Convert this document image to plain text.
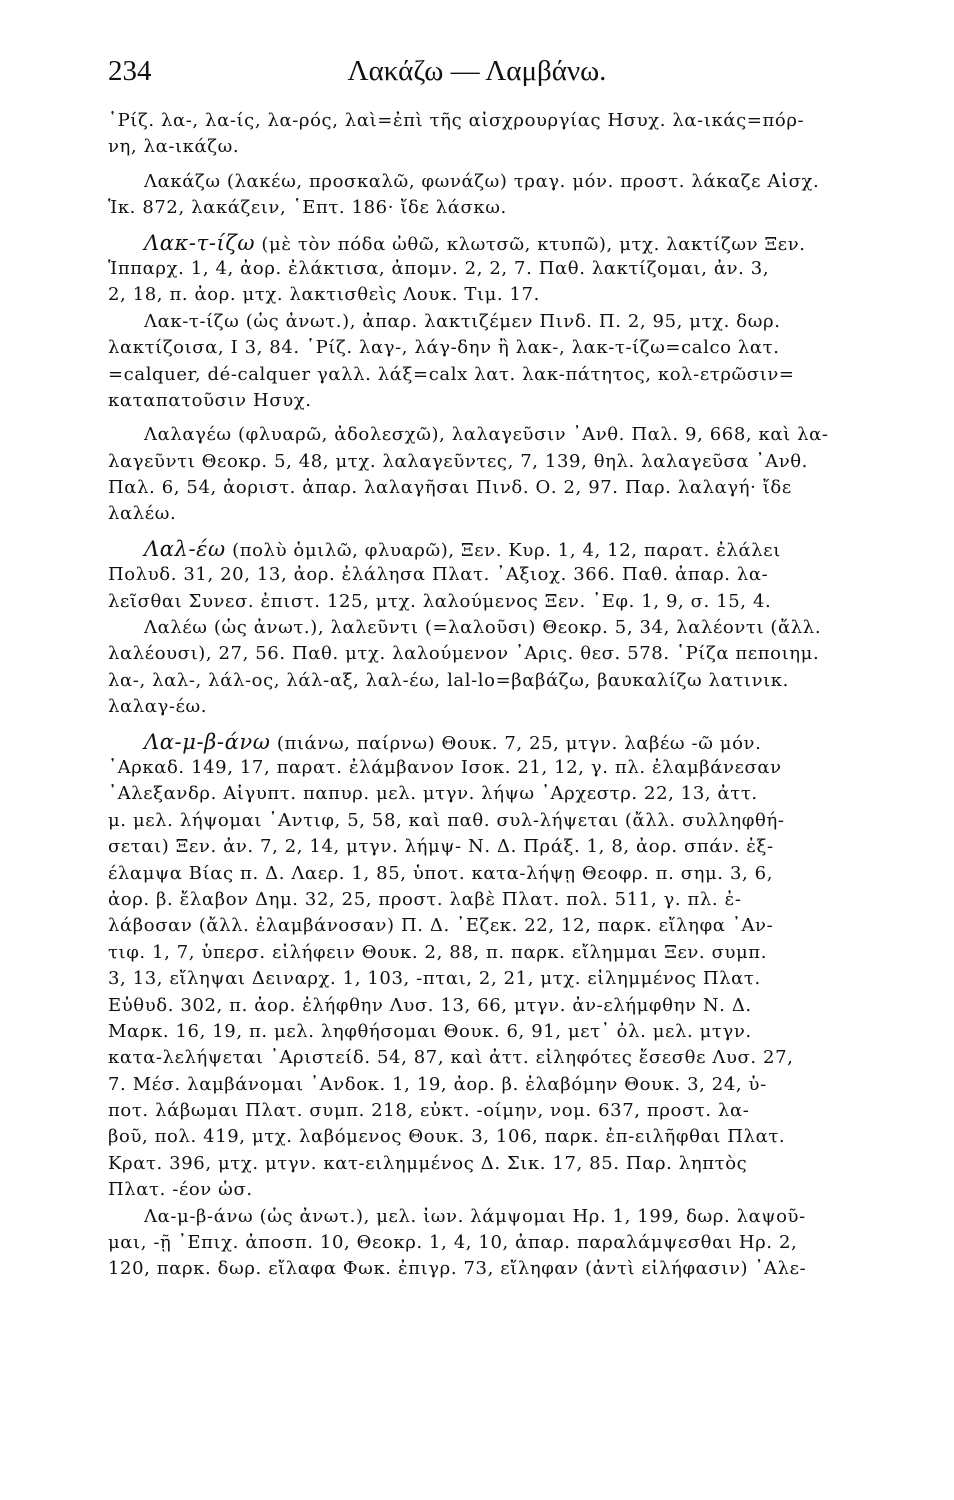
234	Λακάζω — Λαμβάνω.
῾Ρίζ. λα-, λα-ίς, λα-ρός, λαὶ=ἐπὶ τῆς αἰσχρουργίας Ησυχ. λα-ικάς=πόρ-
νη, λα-ικάζω.
Λακάζω (λακέω, προσκαλῶ, φωνάζω) τραγ. μόν. προστ. λάκαζε Αἰσχ.
Ἱκ. 872, λακάζειν, ῾Επτ. 186· ἴδε λάσκω.
Λακ-τ-ίζω (μὲ τὸν πόδα ὠθῶ, κλωτσῶ, κτυπῶ), μτχ. λακτίζων Ξεν.
Ἱππαρχ. 1, 4, ἀορ. ἐλάκτισα, ἀπομν. 2, 2, 7. Παθ. λακτίζομαι, ἀν. 3,
2, 18, π. ἀορ. μτχ. λακτισθεὶς Λουκ. Τιμ. 17.
Λακ-τ-ίζω (ὡς ἀνωτ.), ἀπαρ. λακτιζέμεν Πινδ. Π. 2, 95, μτχ. δωρ.
λακτίζοισα, Ι 3, 84. ῾Ρίζ. λαγ-, λάγ-δην ἢ λακ-, λακ-τ-ίζω=calco λατ.
=calquer, dé-calquer γαλλ. λάξ=calx λατ. λακ-πάτητος, κολ-ετρῶσιν=
καταπατοῦσιν Ησυχ.
Λαλαγέω (φλυαρῶ, ἀδολεσχῶ), λαλαγεῦσιν ᾿Ανθ. Παλ. 9, 668, καὶ λα-
λαγεῦντι Θεοκρ. 5, 48, μτχ. λαλαγεῦντες, 7, 139, θηλ. λαλαγεῦσα ᾿Ανθ.
Παλ. 6, 54, ἀοριστ. ἀπαρ. λαλαγῆσαι Πινδ. Ο. 2, 97. Παρ. λαλαγή· ἴδε
λαλέω.
Λαλ-έω (πολὺ ὁμιλῶ, φλυαρῶ), Ξεν. Κυρ. 1, 4, 12, παρατ. ἐλάλει
Πολυδ. 31, 20, 13, ἀορ. ἐλάλησα Πλατ. ᾿Αξιοχ. 366. Παθ. ἀπαρ. λα-
λεῖσθαι Συνεσ. ἐπιστ. 125, μτχ. λαλούμενος Ξεν. ᾿Εφ. 1, 9, σ. 15, 4.
Λαλέω (ὡς ἀνωτ.), λαλεῦντι (=λαλοῦσι) Θεοκρ. 5, 34, λαλέοντι (ἄλλ.
λαλέουσι), 27, 56. Παθ. μτχ. λαλούμενον ᾿Αρις. θεσ. 578. ῾Ρίζα πεποιημ.
λα-, λαλ-, λάλ-ος, λάλ-αξ, λαλ-έω, lal-lo=βαβάζω, βαυκαλίζω λατινικ.
λαλαγ-έω.
Λα-μ-β-άνω (πιάνω, παίρνω) Θουκ. 7, 25, μτγν. λαβέω -ῶ μόν.
᾿Αρκαδ. 149, 17, παρατ. ἐλάμβανον Ισοκ. 21, 12, γ. πλ. ἐλαμβάνεσαν
᾿Αλεξανδρ. Αἰγυπτ. παπυρ. μελ. μτγν. λήψω ᾿Αρχεστρ. 22, 13, ἀττ.
μ. μελ. λήψομαι ᾿Αντιφ, 5, 58, καὶ παθ. συλ-λήψεται (ἄλλ. συλληφθή-
σεται) Ξεν. ἀν. 7, 2, 14, μτγν. λήμψ- Ν. Δ. Πράξ. 1, 8, ἀορ. σπάν. ἐξ-
έλαμψα Βίας π. Δ. Λαερ. 1, 85, ὑποτ. κατα-λήψῃ Θεοφρ. π. σημ. 3, 6,
ἀορ. β. ἔλαβον Δημ. 32, 25, προστ. λαβὲ Πλατ. πολ. 511, γ. πλ. ἐ-
λάβοσαν (ἄλλ. ἐλαμβάνοσαν) Π. Δ. ᾿Εζεκ. 22, 12, παρκ. εἴληφα ᾿Αν-
τιφ. 1, 7, ὑπερσ. εἰλήφειν Θουκ. 2, 88, π. παρκ. εἴλημμαι Ξεν. συμπ.
3, 13, εἴληψαι Δειναρχ. 1, 103, -πται, 2, 21, μτχ. εἰλημμένος Πλατ.
Εὐθυδ. 302, π. ἀορ. ἐλήφθην Λυσ. 13, 66, μτγν. ἀν-ελήμφθην Ν. Δ.
Μαρκ. 16, 19, π. μελ. ληφθήσομαι Θουκ. 6, 91, μετ᾿ ὀλ. μελ. μτγν.
κατα-λελήψεται ᾿Αριστείδ. 54, 87, καὶ ἀττ. εἰληφότες ἔσεσθε Λυσ. 27,
7. Μέσ. λαμβάνομαι ᾿Ανδοκ. 1, 19, ἀορ. β. ἐλαβόμην Θουκ. 3, 24, ὑ-
ποτ. λάβωμαι Πλατ. συμπ. 218, εὐκτ. -οίμην, νομ. 637, προστ. λα-
βοῦ, πολ. 419, μτχ. λαβόμενος Θουκ. 3, 106, παρκ. ἐπ-ειλῆφθαι Πλατ.
Κρατ. 396, μτχ. μτγν. κατ-ειλημμένος Δ. Σικ. 17, 85. Παρ. ληπτὸς
Πλατ. -έον ὡσ.
Λα-μ-β-άνω (ὡς ἀνωτ.), μελ. ἰων. λάμψομαι Ηρ. 1, 199, δωρ. λαψοῦ-
μαι, -ῇ ᾿Επιχ. ἀποσπ. 10, Θεοκρ. 1, 4, 10, ἀπαρ. παραλάμψεσθαι Ηρ. 2,
120, παρκ. δωρ. εἴλαφα Φωκ. ἐπιγρ. 73, εἴληφαν (ἀντὶ εἰλήφασιν) ᾿Αλε-
